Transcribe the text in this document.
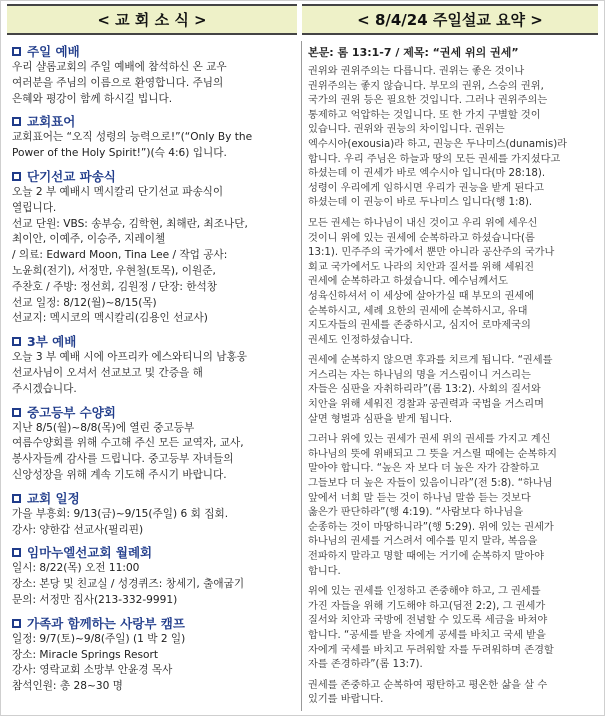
< 교 회 소 식 >	< 8/4/24 주일설교 요약 >
주일 예배

우리 샬롬교회의 주일 예배에 참석하신 온 교우

여러분을 주님의 이름으로 환영합니다. 주님의

은혜와 평강이 함께 하시길 빕니다.

교회표어

교회표어는 “오직 성령의 능력으로!”(“Only By the

Power of the Holy Spirit!”)(슥 4:6) 입니다.

단기선교 파송식

오늘 2 부 예배시 멕시칼리 단기선교 파송식이

열립니다.

선교 단원: VBS: 송부승, 김학현, 최해란, 최조나단,

최이안, 이예주, 이승주, 지레이첼

/ 의료: Edward Moon, Tina Lee / 작업 공사:

노윤희(전기), 서정만, 우현철(토목), 이원준,

주찬호 / 주방: 정선희, 김원정 / 단장: 한석창

선교 일정: 8/12(월)~8/15(목)

선교지: 멕시코의 멕시칼리(김용인 선교사)

3부 예배

오늘 3 부 예배 시에 아프리카 에스와티니의 남홍웅

선교사님이 오셔서 선교보고 및 간증을 해

주시겠습니다.

중고등부 수양회

지난 8/5(월)~8/8(목)에 열린 중고등부

여름수양회를 위해 수고해 주신 모든 교역자, 교사,

봉사자들께 감사를 드립니다. 중고등부 자녀들의

신앙성장을 위해 계속 기도해 주시기 바랍니다.

교회 일정

가을 부흥회: 9/13(금)~9/15(주일) 6 회 집회.

강사: 양한갑 선교사(필리핀)

임마누엘선교회 월례회

일시: 8/22(목) 오전 11:00

장소: 본당 및 친교실 / 성경퀴즈: 창세기, 출애굽기

문의: 서정만 집사(213-332-9991)

가족과 함께하는 사랑부 캠프

일정: 9/7(토)~9/8(주일) (1 박 2 일)

장소: Miracle Springs Resort

강사: 영락교회 소망부 안윤경 목사

참석인원: 총 28~30 명

본문: 롬 13:1-7 / 제목: “권세 위의 권세”

권위와 권위주의는 다릅니다. 권위는 좋은 것이나
권위주의는 좋지 않습니다. 부모의 권위, 스승의 권위,
국가의 권위 등은 필요한 것입니다. 그러나 권위주의는
통제하고 억압하는 것입니다. 또 한 가지 구별할 것이
있습니다. 권위와 권능의 차이입니다. 권위는
엑수시아(exousia)라 하고, 권능은 두나미스(dunamis)라
합니다. 우리 주님은 하늘과 땅의 모든 권세를 가지셨다고
하셨는데 이 권세가 바로 엑수시아 입니다(마 28:18).
성령이 우리에게 임하시면 우리가 권능을 받게 된다고
하셨는데 이 권능이 바로 두나미스 입니다(행 1:8).

모든 권세는 하나님이 내신 것이고 우리 위에 세우신
것이니 위에 있는 권세에 순복하라고 하셨습니다(롬
13:1). 민주주의 국가에서 뿐만 아니라 공산주의 국가나
회교 국가에서도 나라의 치안과 질서를 위해 세워진
권세에 순복하라고 하셨습니다. 예수님께서도
성육신하셔서 이 세상에 살아가실 때 부모의 권세에
순복하시고, 세례 요한의 권세에 순복하시고, 유대
지도자들의 권세를 존중하시고, 심지어 로마제국의
권세도 인정하셨습니다.

권세에 순복하지 않으면 후과를 치르게 됩니다. “권세를
거스리는 자는 하나님의 명을 거스림이니 거스리는
자들은 심판을 자취하리라”(롬 13:2). 사회의 질서와
치안을 위해 세워진 경찰과 공권력과 국법을 거스리며
살면 형벌과 심판을 받게 됩니다.

그러나 위에 있는 권세가 권세 위의 권세를 가지고 계신
하나님의 뜻에 위배되고 그 뜻을 거스릴 때에는 순복하지
말아야 합니다. “높은 자 보다 더 높은 자가 감찰하고
그들보다 더 높은 자들이 있음이니라”(전 5:8). “하나님
앞에서 너희 말 듣는 것이 하나님 말씀 듣는 것보다
옳은가 판단하라”(행 4:19). “사람보다 하나님을
순종하는 것이 마땅하니라”(행 5:29). 위에 있는 권세가
하나님의 권세를 거스려서 예수를 믿지 말라, 복음을
전파하지 말라고 명할 때에는 거기에 순복하지 말아야
합니다.

위에 있는 권세를 인정하고 존중해야 하고, 그 권세를
가진 자들을 위해 기도해야 하고(딤전 2:2), 그 권세가
질서와 치안과 국방에 전념할 수 있도록 세금을 바쳐야
합니다. “공세를 받을 자에게 공세를 바치고 국세 받을
자에게 국세를 바치고 두려워할 자를 두려워하며 존경할
자를 존경하라”(롬 13:7).

권세를 존중하고 순복하여 평탄하고 평온한 삶을 살 수
있기를 바랍니다.
